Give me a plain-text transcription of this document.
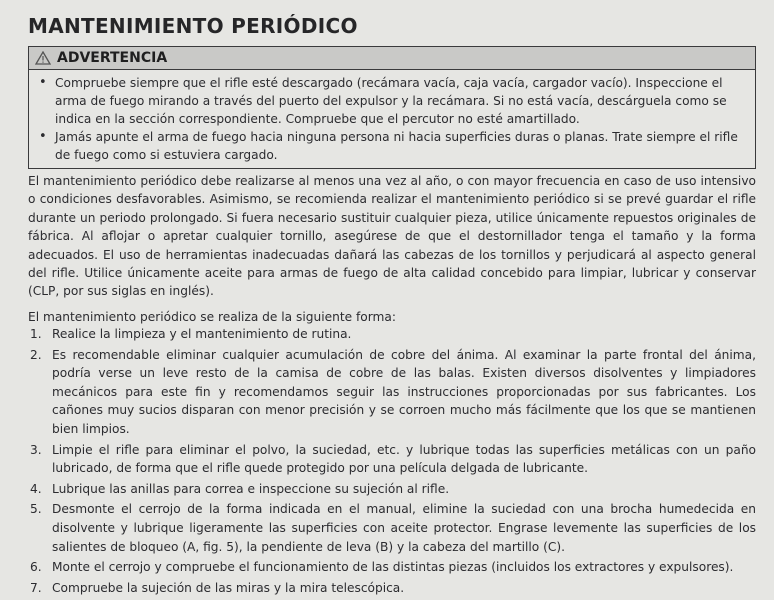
MANTENIMIENTO PERIÓDICO
ADVERTENCIA
• Compruebe siempre que el rifle esté descargado (recámara vacía, caja vacía, cargador vacío). Inspeccione el arma de fuego mirando a través del puerto del expulsor y la recámara. Si no está vacía, descárguela como se indica en la sección correspondiente. Compruebe que el percutor no esté amartillado.
• Jamás apunte el arma de fuego hacia ninguna persona ni hacia superficies duras o planas. Trate siempre el rifle de fuego como si estuviera cargado.

El mantenimiento periódico debe realizarse al menos una vez al año, o con mayor frecuencia en caso de uso intensivo o condiciones desfavorables. Asimismo, se recomienda realizar el mantenimiento periódico si se prevé guardar el rifle durante un periodo prolongado. Si fuera necesario sustituir cualquier pieza, utilice únicamente repuestos originales de fábrica. Al aflojar o apretar cualquier tornillo, asegúrese de que el destornillador tenga el tamaño y la forma adecuados. El uso de herramientas inadecuadas dañará las cabezas de los tornillos y perjudicará al aspecto general del rifle. Utilice únicamente aceite para armas de fuego de alta calidad concebido para limpiar, lubricar y conservar (CLP, por sus siglas en inglés).

El mantenimiento periódico se realiza de la siguiente forma:

1. Realice la limpieza y el mantenimiento de rutina.
2. Es recomendable eliminar cualquier acumulación de cobre del ánima. Al examinar la parte frontal del ánima, podría verse un leve resto de la camisa de cobre de las balas. Existen diversos disolventes y limpiadores mecánicos para este fin y recomendamos seguir las instrucciones proporcionadas por sus fabricantes. Los cañones muy sucios disparan con menor precisión y se corroen mucho más fácilmente que los que se mantienen bien limpios.
3. Limpie el rifle para eliminar el polvo, la suciedad, etc. y lubrique todas las superficies metálicas con un paño lubricado, de forma que el rifle quede protegido por una película delgada de lubricante.
4. Lubrique las anillas para correa e inspeccione su sujeción al rifle.
5. Desmonte el cerrojo de la forma indicada en el manual, elimine la suciedad con una brocha humedecida en disolvente y lubrique ligeramente las superficies con aceite protector. Engrase levemente las superficies de los salientes de bloqueo (A, fig. 5), la pendiente de leva (B) y la cabeza del martillo (C).
6. Monte el cerrojo y compruebe el funcionamiento de las distintas piezas (incluidos los extractores y expulsores).
7. Compruebe la sujeción de las miras y la mira telescópica.
